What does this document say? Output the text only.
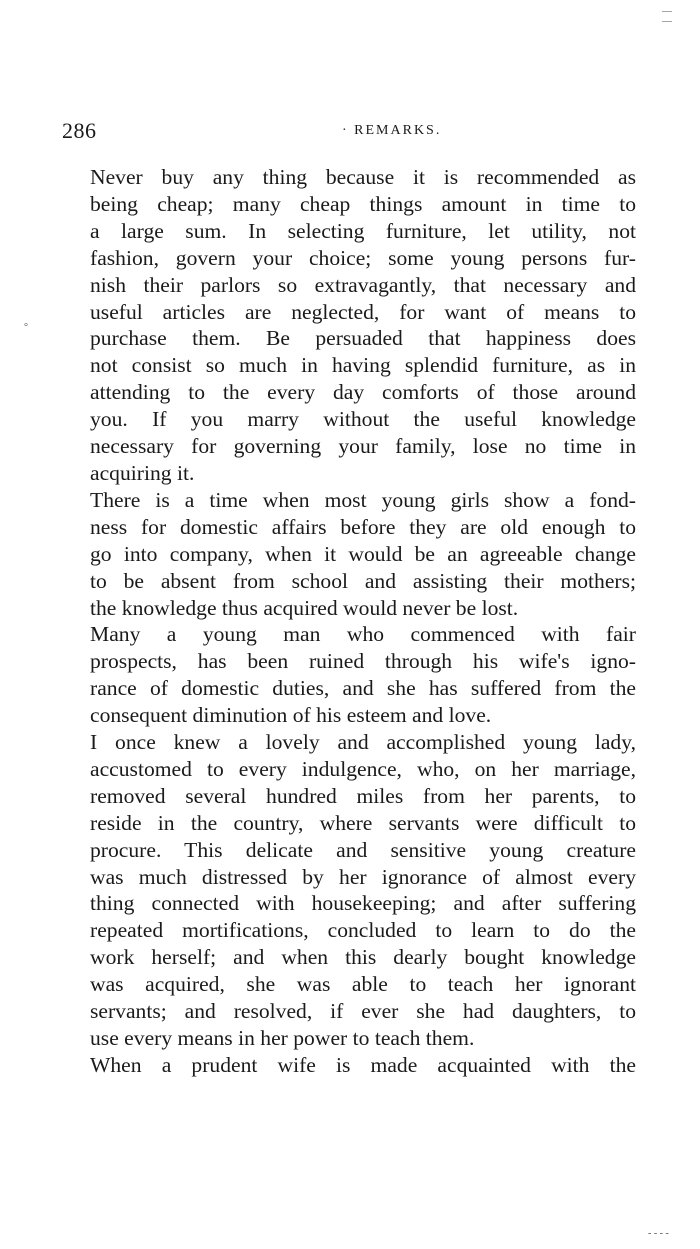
286	· REMARKS.

Never buy any thing because it is recommended as
being cheap; many cheap things amount in time to
a large sum. In selecting furniture, let utility, not
fashion, govern your choice; some young persons fur-
nish their parlors so extravagantly, that necessary and
useful articles are neglected, for want of means to
purchase them. Be persuaded that happiness does
not consist so much in having splendid furniture, as in
attending to the every day comforts of those around
you. If you marry without the useful knowledge
necessary for governing your family, lose no time in
acquiring it.

There is a time when most young girls show a fond-
ness for domestic affairs before they are old enough to
go into company, when it would be an agreeable change
to be absent from school and assisting their mothers;
the knowledge thus acquired would never be lost.

Many a young man who commenced with fair
prospects, has been ruined through his wife's igno-
rance of domestic duties, and she has suffered from the
consequent diminution of his esteem and love.

I once knew a lovely and accomplished young lady,
accustomed to every indulgence, who, on her marriage,
removed several hundred miles from her parents, to
reside in the country, where servants were difficult to
procure. This delicate and sensitive young creature
was much distressed by her ignorance of almost every
thing connected with housekeeping; and after suffering
repeated mortifications, concluded to learn to do the
work herself; and when this dearly bought knowledge
was acquired, she was able to teach her ignorant
servants; and resolved, if ever she had daughters, to
use every means in her power to teach them.

When a prudent wife is made acquainted with the

—
—
°
- - - -
